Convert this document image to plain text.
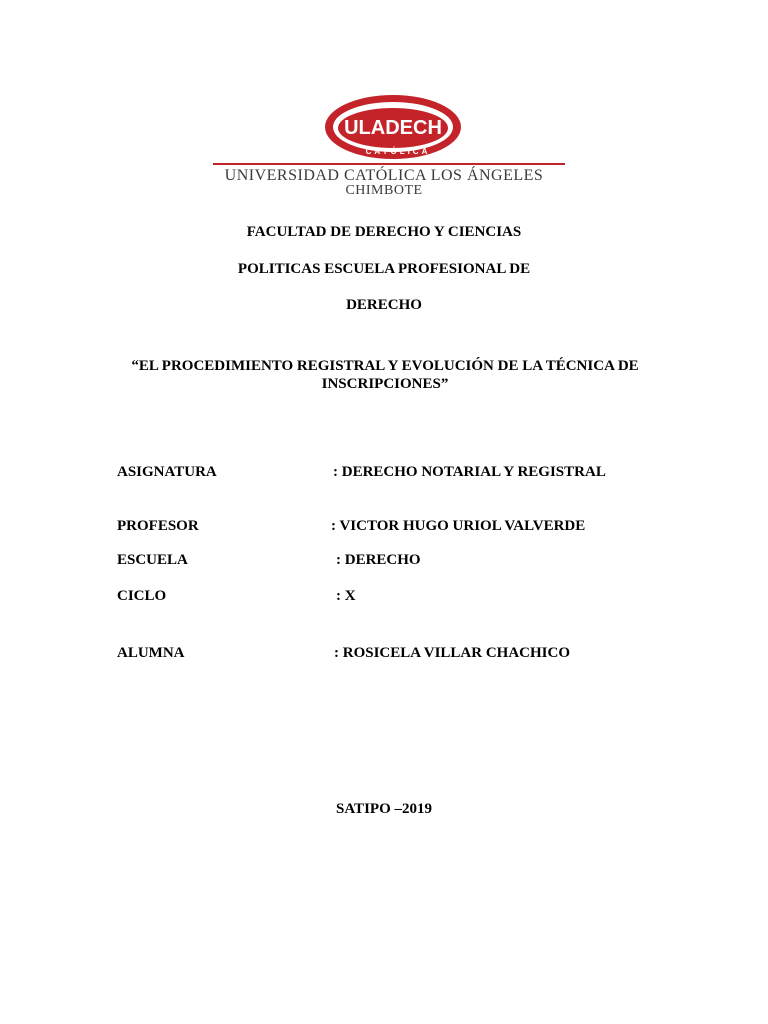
ULADECH
CATÓLICA
UNIVERSIDAD CATÓLICA LOS ÁNGELES
CHIMBOTE
FACULTAD DE DERECHO Y CIENCIAS
POLITICAS ESCUELA PROFESIONAL DE
DERECHO
“EL PROCEDIMIENTO REGISTRAL Y EVOLUCIÓN DE LA TÉCNICA DE
INSCRIPCIONES”
ASIGNATURA	: DERECHO NOTARIAL Y REGISTRAL
PROFESOR	: VICTOR HUGO URIOL VALVERDE
ESCUELA	: DERECHO
CICLO	: X
ALUMNA	: ROSICELA VILLAR CHACHICO
SATIPO –2019
